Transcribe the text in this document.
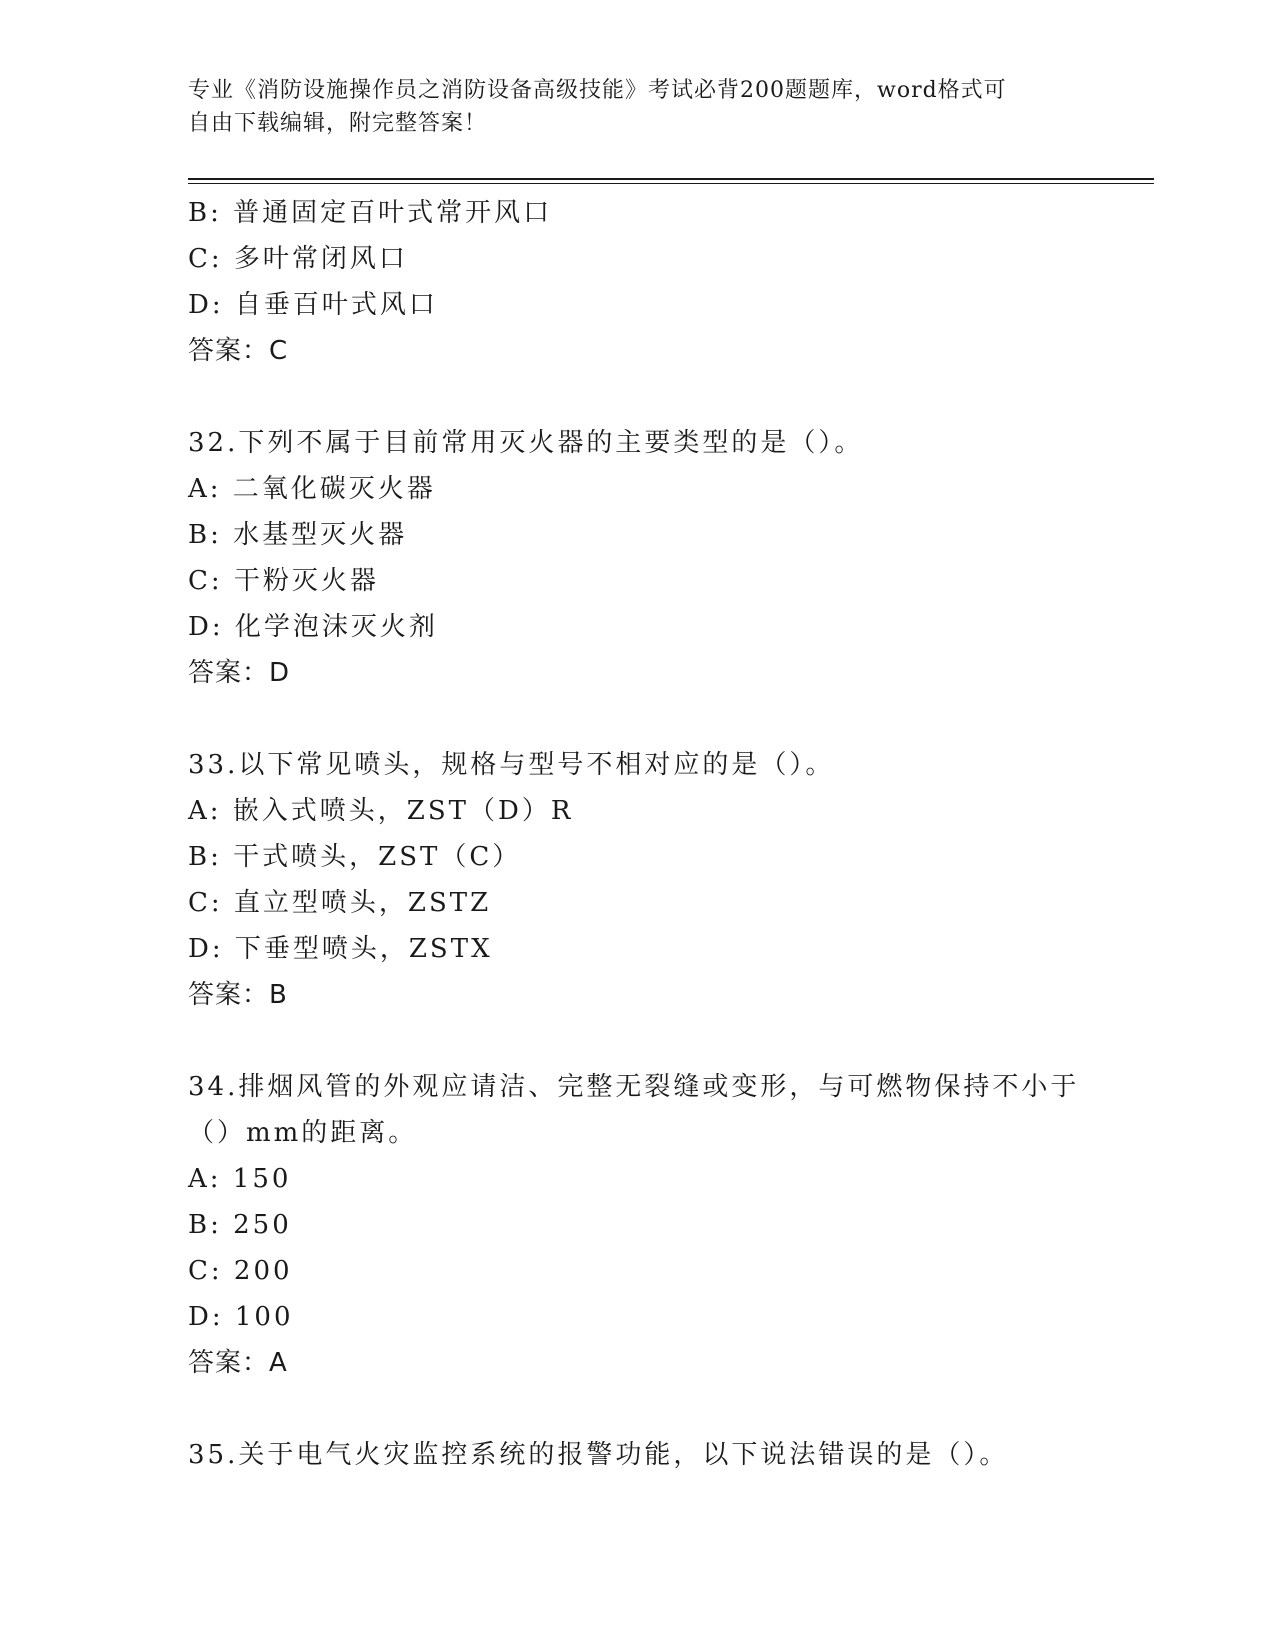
专业《消防设施操作员之消防设备高级技能》考试必背200题题库，word格式可
自由下载编辑，附完整答案！
B: 普通固定百叶式常开风口
C: 多叶常闭风口
D: 自垂百叶式风口
答案：C
32.下列不属于目前常用灭火器的主要类型的是（）。
A: 二氧化碳灭火器
B: 水基型灭火器
C: 干粉灭火器
D: 化学泡沫灭火剂
答案：D
33.以下常见喷头，规格与型号不相对应的是（）。
A: 嵌入式喷头，ZST（D）R
B: 干式喷头，ZST（C）
C: 直立型喷头，ZSTZ
D: 下垂型喷头，ZSTX
答案：B
34.排烟风管的外观应请洁、完整无裂缝或变形，与可燃物保持不小于
（）mm的距离。
A: 150
B: 250
C: 200
D: 100
答案：A
35.关于电气火灾监控系统的报警功能，以下说法错误的是（）。
